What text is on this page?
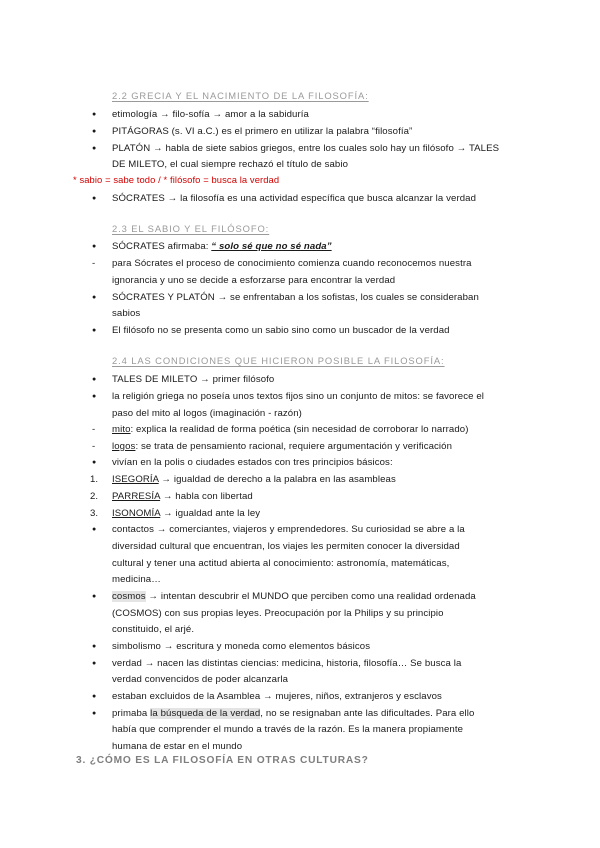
2.2 GRECIA Y EL NACIMIENTO DE LA FILOSOFÍA:
●
etimología → filo-sofía → amor a la sabiduría
●
PITÁGORAS (s. VI a.C.) es el primero en utilizar la palabra “filosofía”
●
PLATÓN → habla de siete sabios griegos, entre los cuales solo hay un filósofo → TALES
DE MILETO, el cual siempre rechazó el título de sabio
* sabio = sabe todo / * filósofo = busca la verdad
●
SÓCRATES → la filosofía es una actividad específica que busca alcanzar la verdad
2.3 EL SABIO Y EL FILÓSOFO:
●
SÓCRATES afirmaba: “ solo sé que no sé nada”
-
para Sócrates el proceso de conocimiento comienza cuando reconocemos nuestra
ignorancia y uno se decide a esforzarse para encontrar la verdad
●
SÓCRATES Y PLATÓN → se enfrentaban a los sofistas, los cuales se consideraban
sabios
●
El filósofo no se presenta como un sabio sino como un buscador de la verdad
2.4 LAS CONDICIONES QUE HICIERON POSIBLE LA FILOSOFÍA:
●
TALES DE MILETO → primer filósofo
●
la religión griega no poseía unos textos fijos sino un conjunto de mitos: se favorece el
paso del mito al logos (imaginación - razón)
-
mito: explica la realidad de forma poética (sin necesidad de corroborar lo narrado)
-
logos: se trata de pensamiento racional, requiere argumentación y verificación
●
vivían en la polis o ciudades estados con tres principios básicos:
1.	ISEGORÍA → igualdad de derecho a la palabra en las asambleas
2.	PARRESÍA → habla con libertad
3.	ISONOMÍA → igualdad ante la ley
●
contactos → comerciantes, viajeros y emprendedores. Su curiosidad se abre a la
diversidad cultural que encuentran, los viajes les permiten conocer la diversidad
cultural y tener una actitud abierta al conocimiento: astronomía, matemáticas,
medicina…
●
cosmos → intentan descubrir el MUNDO que perciben como una realidad ordenada
(COSMOS) con sus propias leyes. Preocupación por la Philips y su principio
constituido, el arjé.
●
simbolismo → escritura y moneda como elementos básicos
●
verdad → nacen las distintas ciencias: medicina, historia, filosofía… Se busca la
verdad convencidos de poder alcanzarla
●
estaban excluidos de la Asamblea → mujeres, niños, extranjeros y esclavos
●
primaba la búsqueda de la verdad, no se resignaban ante las dificultades. Para ello
había que comprender el mundo a través de la razón. Es la manera propiamente
humana de estar en el mundo
3. ¿CÓMO ES LA FILOSOFÍA EN OTRAS CULTURAS?
